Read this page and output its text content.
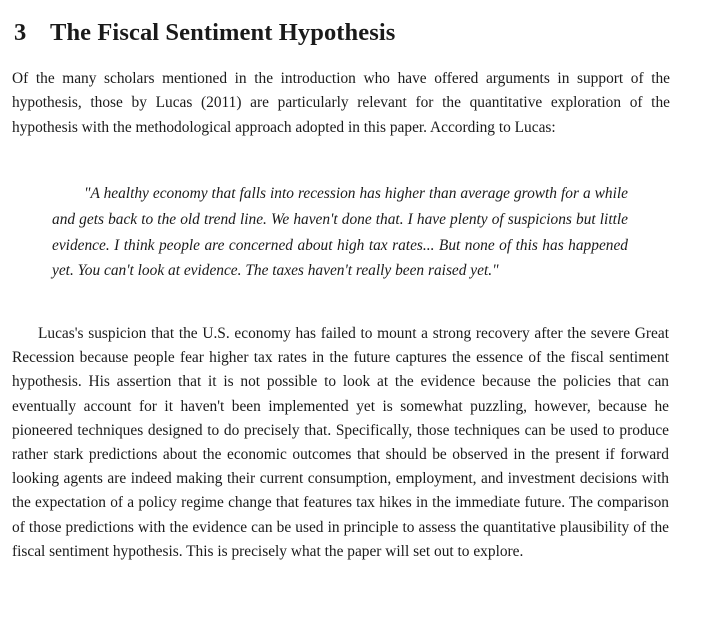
3 The Fiscal Sentiment Hypothesis

Of the many scholars mentioned in the introduction who have offered arguments in support of the hypothesis, those by Lucas (2011) are particularly relevant for the quantitative exploration of the hypothesis with the methodological approach adopted in this paper. According to Lucas:

"A healthy economy that falls into recession has higher than average growth for a while and gets back to the old trend line. We haven't done that. I have plenty of suspicions but little evidence. I think people are concerned about high tax rates... But none of this has happened yet. You can't look at evidence. The taxes haven't really been raised yet."

Lucas's suspicion that the U.S. economy has failed to mount a strong recovery after the severe Great Recession because people fear higher tax rates in the future captures the essence of the fiscal sentiment hypothesis. His assertion that it is not possible to look at the evidence because the policies that can eventually account for it haven't been implemented yet is somewhat puzzling, however, because he pioneered techniques designed to do precisely that. Specifically, those techniques can be used to produce rather stark predictions about the economic outcomes that should be observed in the present if forward looking agents are indeed making their current consumption, employment, and investment decisions with the expectation of a policy regime change that features tax hikes in the immediate future. The comparison of those predictions with the evidence can be used in principle to assess the quantitative plausibility of the fiscal sentiment hypothesis. This is precisely what the paper will set out to explore.
